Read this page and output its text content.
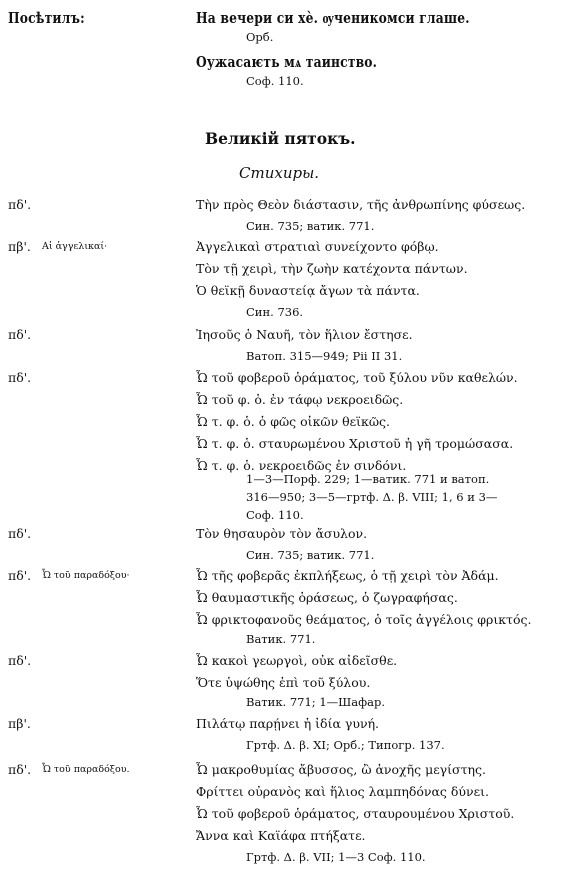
Посѣтилъ:	На вечери си хѐ. ѹченикомси глаше.
Орб.
Оужасаѥть мѧ таинство.
Соф. 110.
Великій пятокъ.
Стихиры.
πδ'.	Τὴν πρὸς Θεὸν διάστασιν, τῆς ἀνθρωπίνης φύσεως.
Син. 735; ватик. 771.
πβ'. Αἱ ἀγγελικαί·	Ἀγγελικαὶ στρατιαὶ συνείχοντο φόβῳ.
Τὸν τῇ χειρὶ, τὴν ζωὴν κατέχοντα πάντων.
Ὁ θεϊκῇ δυναστείᾳ ἄγων τὰ πάντα.
Син. 736.
πδ'.	Ἰησοῦς ὁ Ναυῆ, τὸν ἥλιον ἔστησε.
Ватоп. 315—949; Pii II 31.
πδ'.	Ὦ τοῦ φοβεροῦ ὁράματος, τοῦ ξύλου νῦν καθελών.
Ὦ τοῦ φ. ὁ. ἐν τάφῳ νεκροειδῶς.
Ὦ τ. φ. ὁ. ὁ φῶς οἰκῶν θεϊκῶς.
Ὦ τ. φ. ὁ. σταυρωμένου Χριστοῦ ἡ γῆ τρομώσασα.
Ὦ τ. φ. ὁ. νεκροειδῶς ἐν σινδόνι.
1—3—Порф. 229; 1—ватик. 771 и ватоп.
316—950; 3—5—гртф. Δ. β. VIII; 1, 6 и 3—
Соф. 110.
πδ'.	Τὸν θησαυρὸν τὸν ἄσυλον.
Син. 735; ватик. 771.
πδ'. Ὦ τοῦ παραδόξου·	Ὦ τῆς φοβερᾶς ἐκπλήξεως, ὁ τῇ χειρὶ τὸν Ἀδάμ.
Ὦ θαυμαστικῆς ὁράσεως, ὁ ζωγραφήσας.
Ὦ φρικτοφανοῦς θεάματος, ὁ τοῖς ἀγγέλοις φρικτός.
Ватик. 771.
πδ'.	Ὦ κακοὶ γεωργοὶ, οὐκ αἰδεῖσθε.
Ὅτε ὑψώθης ἐπὶ τοῦ ξύλου.
Ватик. 771; 1—Шафар.
πβ'.	Πιλάτῳ παρῄνει ἡ ἰδία γυνή.
Гртф. Δ. β. XI; Орб.; Типогр. 137.
πδ'. Ὦ τοῦ παραδόξου.	Ὦ μακροθυμίας ἄβυσσος, ὢ ἀνοχῆς μεγίστης.
Φρίττει οὐρανὸς καὶ ἥλιος λαμπηδόνας δύνει.
Ὦ τοῦ φοβεροῦ ὁράματος, σταυρουμένου Χριστοῦ.
Ἄννα καὶ Καϊάφα πτήξατε.
Гртф. Δ. β. VII; 1—3 Соф. 110.
